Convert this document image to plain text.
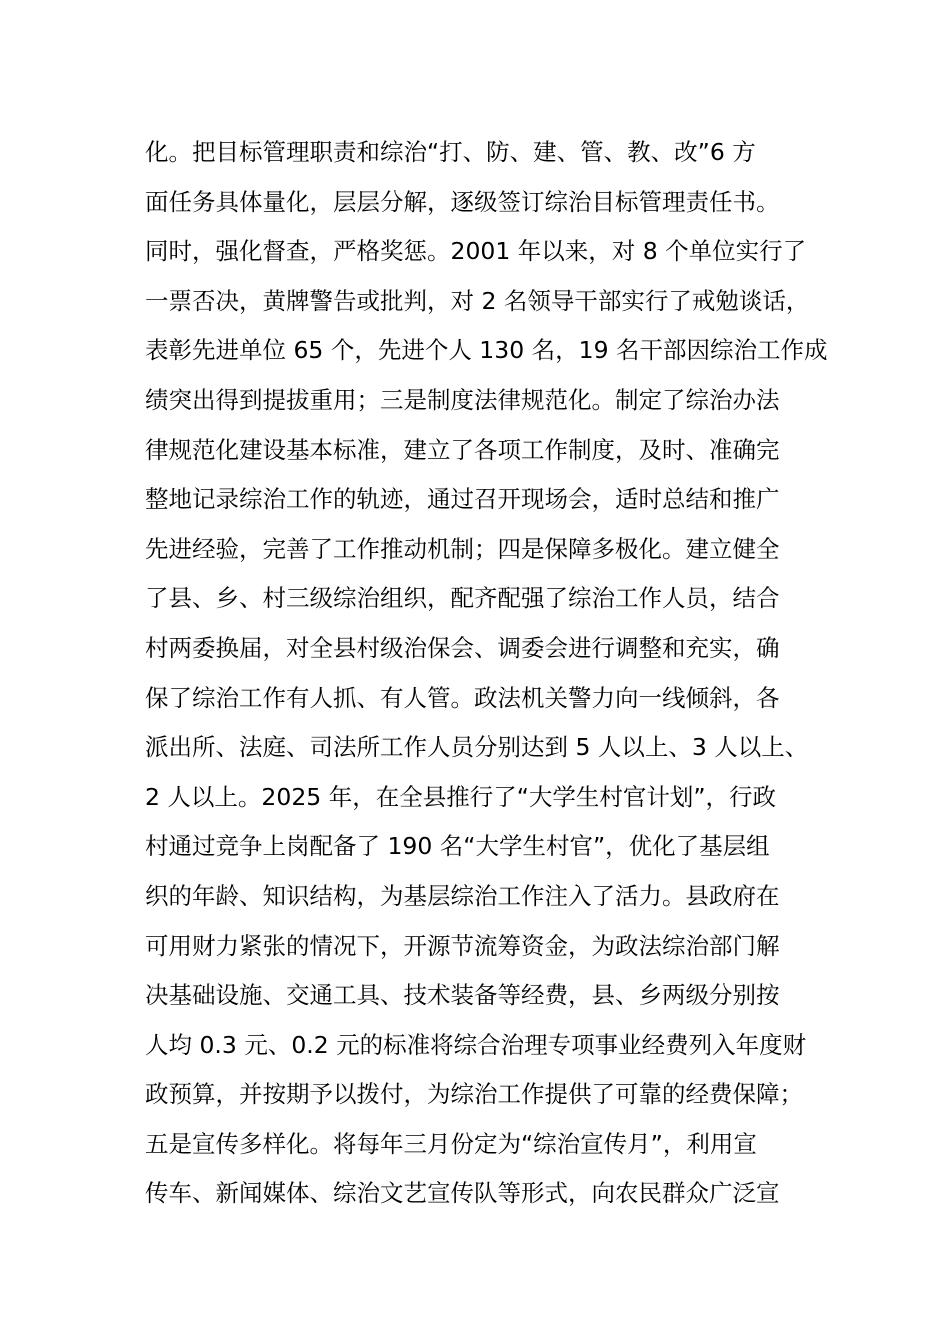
化。把目标管理职责和综治“打、防、建、管、教、改”6 方
面任务具体量化，层层分解，逐级签订综治目标管理责任书。
同时，强化督查，严格奖惩。2001 年以来，对 8 个单位实行了
一票否决，黄牌警告或批判，对 2 名领导干部实行了戒勉谈话，
表彰先进单位 65 个，先进个人 130 名，19 名干部因综治工作成
绩突出得到提拔重用；三是制度法律规范化。制定了综治办法
律规范化建设基本标准，建立了各项工作制度，及时、准确完
整地记录综治工作的轨迹，通过召开现场会，适时总结和推广
先进经验，完善了工作推动机制；四是保障多极化。建立健全
了县、乡、村三级综治组织，配齐配强了综治工作人员，结合
村两委换届，对全县村级治保会、调委会进行调整和充实，确
保了综治工作有人抓、有人管。政法机关警力向一线倾斜，各
派出所、法庭、司法所工作人员分别达到 5 人以上、3 人以上、
2 人以上。2025 年，在全县推行了“大学生村官计划”，行政
村通过竞争上岗配备了 190 名“大学生村官”，优化了基层组
织的年龄、知识结构，为基层综治工作注入了活力。县政府在
可用财力紧张的情况下，开源节流筹资金，为政法综治部门解
决基础设施、交通工具、技术装备等经费，县、乡两级分别按
人均 0.3 元、0.2 元的标准将综合治理专项事业经费列入年度财
政预算，并按期予以拨付，为综治工作提供了可靠的经费保障；
五是宣传多样化。将每年三月份定为“综治宣传月”，利用宣
传车、新闻媒体、综治文艺宣传队等形式，向农民群众广泛宣
